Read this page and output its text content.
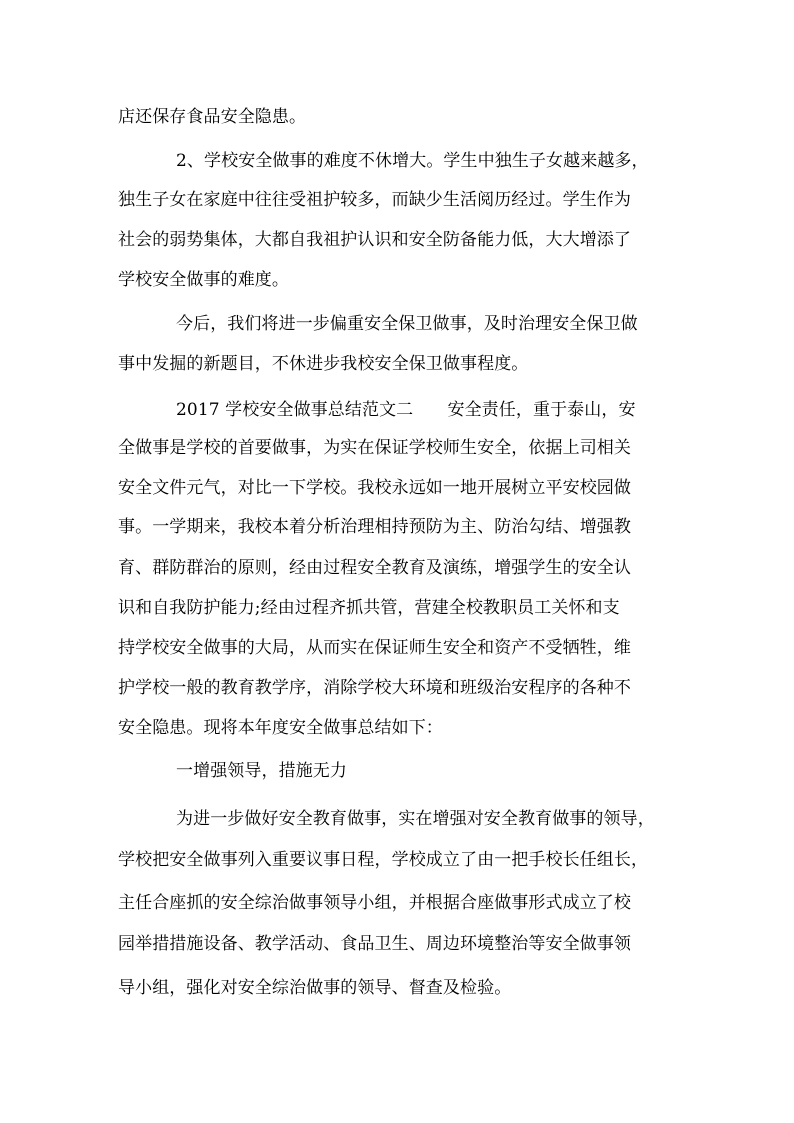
店还保存食品安全隐患。
2、学校安全做事的难度不休增大。学生中独生子女越来越多，
独生子女在家庭中往往受祖护较多，而缺少生活阅历经过。学生作为
社会的弱势集体，大都自我祖护认识和安全防备能力低，大大增添了
学校安全做事的难度。
今后，我们将进一步偏重安全保卫做事，及时治理安全保卫做
事中发掘的新题目，不休进步我校安全保卫做事程度。
2017 学校安全做事总结范文二　　安全责任，重于泰山，安
全做事是学校的首要做事，为实在保证学校师生安全，依据上司相关
安全文件元气，对比一下学校。我校永远如一地开展树立平安校园做
事。一学期来，我校本着分析治理相持预防为主、防治勾结、增强教
育、群防群治的原则，经由过程安全教育及演练，增强学生的安全认
识和自我防护能力;经由过程齐抓共管，营建全校教职员工关怀和支
持学校安全做事的大局，从而实在保证师生安全和资产不受牺牲，维
护学校一般的教育教学序，消除学校大环境和班级治安程序的各种不
安全隐患。现将本年度安全做事总结如下：
一增强领导，措施无力
为进一步做好安全教育做事，实在增强对安全教育做事的领导，
学校把安全做事列入重要议事日程，学校成立了由一把手校长任组长，
主任合座抓的安全综治做事领导小组，并根据合座做事形式成立了校
园举措措施设备、教学活动、食品卫生、周边环境整治等安全做事领
导小组，强化对安全综治做事的领导、督查及检验。
